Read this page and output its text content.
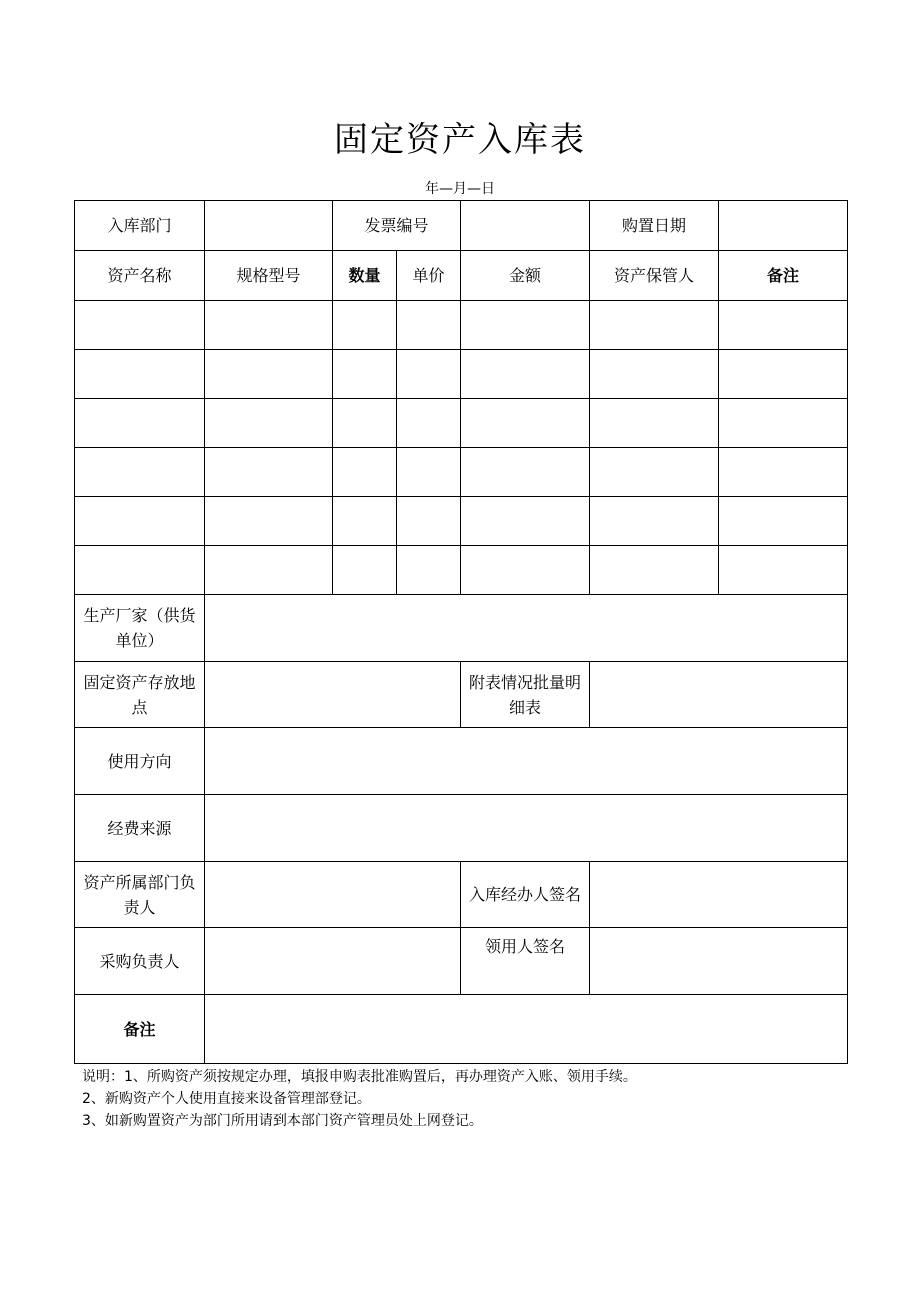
固定资产入库表
年—月—日
入库部门		发票编号			购置日期	
资产名称	规格型号	数量	单价	金额	资产保管人	备注

生产厂家（供货单位）						
固定资产存放地点				附表情况批量明细表		
使用方向						
经费来源						
资产所属部门负责人				入库经办人签名		
采购负责人				领用人签名		
备注						
说明：1、所购资产须按规定办理，填报申购表批准购置后，再办理资产入账、领用手续。
2、新购资产个人使用直接来设备管理部登记。
3、如新购置资产为部门所用请到本部门资产管理员处上网登记。
